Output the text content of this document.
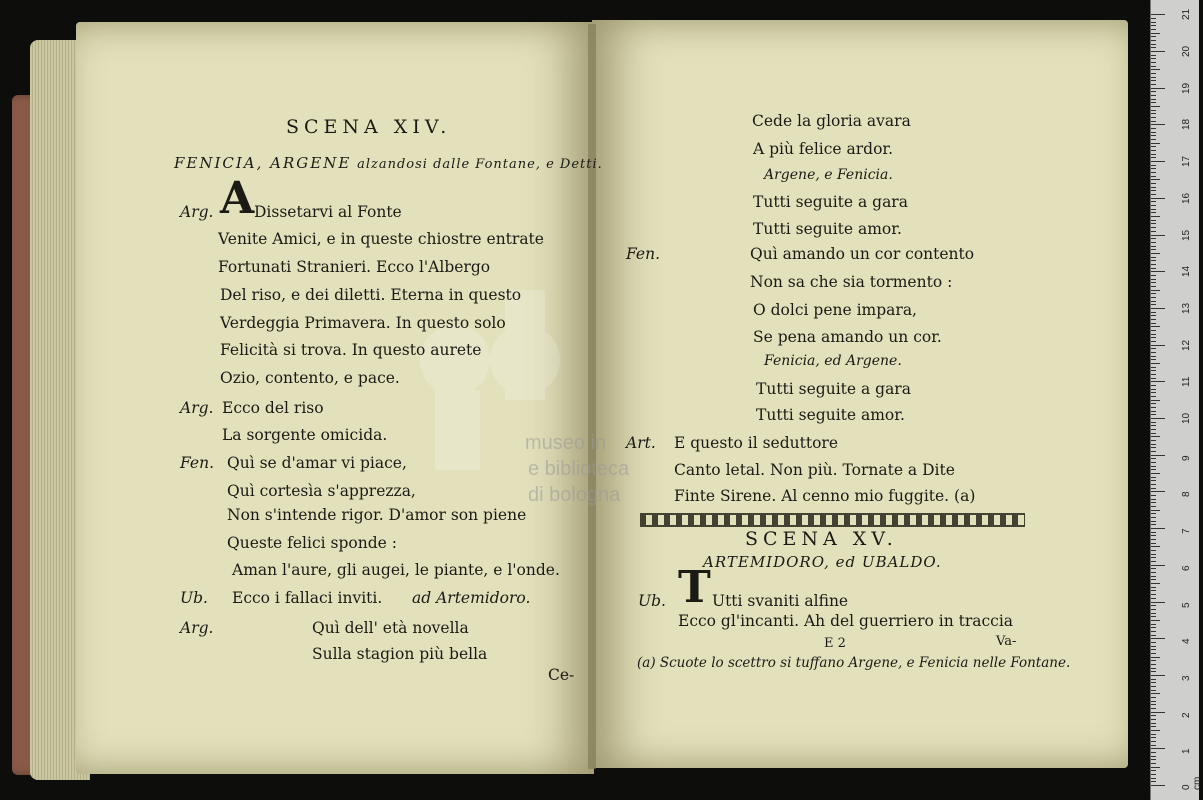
museo in
e biblioteca
di bologna
SCENA XIV.
FENICIA, ARGENE alzandosi dalle Fontane, e Detti.
Arg. A Dissetarvi al Fonte
Venite Amici, e in queste chiostre entrate
Fortunati Stranieri. Ecco l'Albergo
Del riso, e dei diletti. Eterna in questo
Verdeggia Primavera. In questo solo
Felicità si trova. In questo aurete
Ozio, contento, e pace.
Arg. Ecco del riso
La sorgente omicida.
Fen. Quì se d'amar vi piace,
Quì cortesìa s'apprezza,
Non s'intende rigor. D'amor son piene
Queste felici sponde :
Aman l'aure, gli augei, le piante, e l'onde.
Ub. Ecco i fallaci inviti.
Arg.	Quì dell' età novella
Sulla stagion più bella
ad Artemidoro.
Ce-
Cede la gloria avara
A più felice ardor.
Argene, e Fenicia.
Tutti seguite a gara
Tutti seguite amor.
Fen.	Quì amando un cor contento
Non sa che sia tormento :
O dolci pene impara,
Se pena amando un cor.
Fenicia, ed Argene.
Tutti seguite a gara
Tutti seguite amor.
Art. E questo il seduttore
Canto letal. Non più. Tornate a Dite
Finte Sirene. Al cenno mio fuggite. (a)
SCENA XV.
ARTEMIDORO, ed UBALDO.
Ub. T Utti svaniti alfine
Ecco gl'incanti. Ah del guerriero in traccia
E 2	Va-
(a) Scuote lo scettro si tuffano Argene, e Fenicia nelle Fontane.
1
2
3
4
5
6
7
8
9
10
11
12
13
14
15
16
17
18
19
20
21
0 cm
